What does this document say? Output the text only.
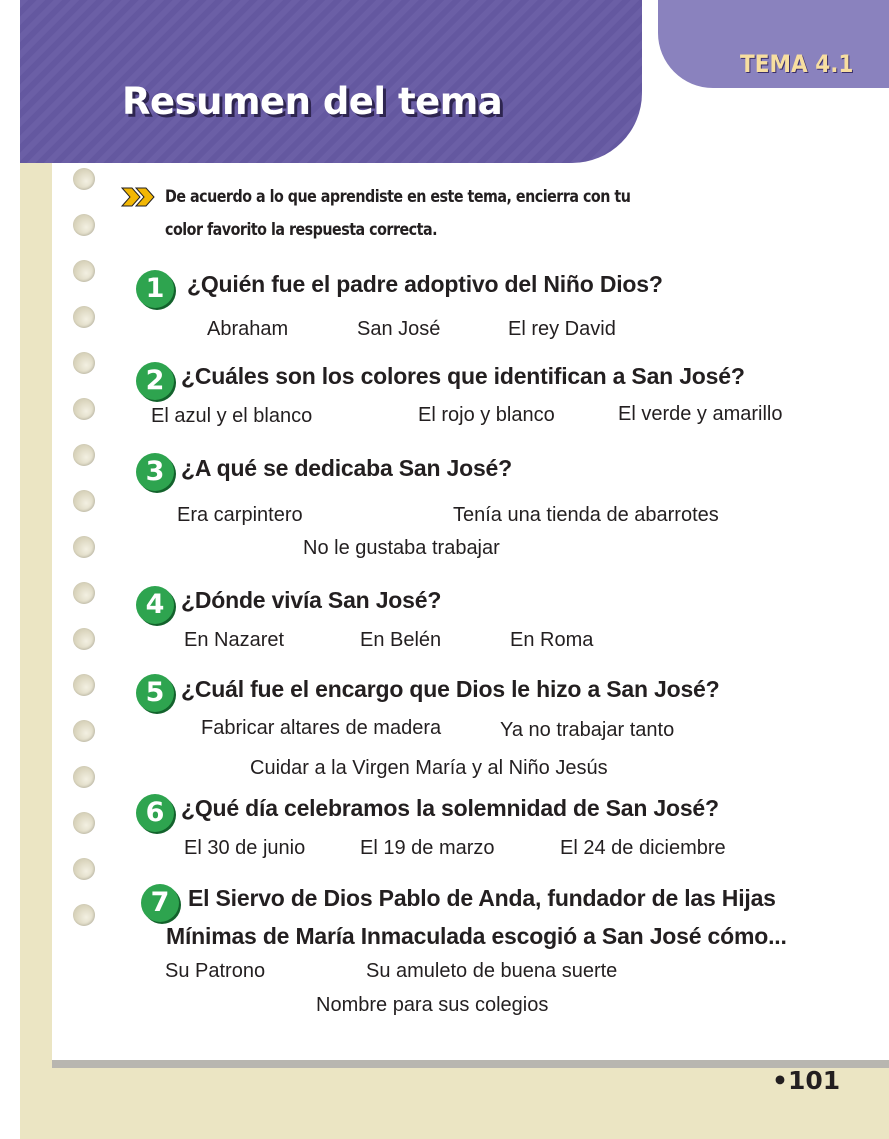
Resumen del tema
TEMA 4.1

De acuerdo a lo que aprendiste en este tema, encierra con tu
color favorito la respuesta correcta.

1 ¿Quién fue el padre adoptivo del Niño Dios?

Abraham	San José	El rey David
2 ¿Cuáles son los colores que identifican a San José?

El azul y el blanco	El rojo y blanco	El verde y amarillo
3 ¿A qué se dedicaba San José?

Era carpintero	Tenía una tienda de abarrotes
No le gustaba trabajar
4 ¿Dónde vivía San José?

En Nazaret	En Belén	En Roma
5 ¿Cuál fue el encargo que Dios le hizo a San José?

Fabricar altares de madera	Ya no trabajar tanto
Cuidar a la Virgen María y al Niño Jesús
6 ¿Qué día celebramos la solemnidad de San José?

El 30 de junio	El 19 de marzo	El 24 de diciembre
7 El Siervo de Dios Pablo de Anda, fundador de las Hijas

Mínimas de María Inmaculada escogió a San José cómo...

Su Patrono	Su amuleto de buena suerte
Nombre para sus colegios
•101
